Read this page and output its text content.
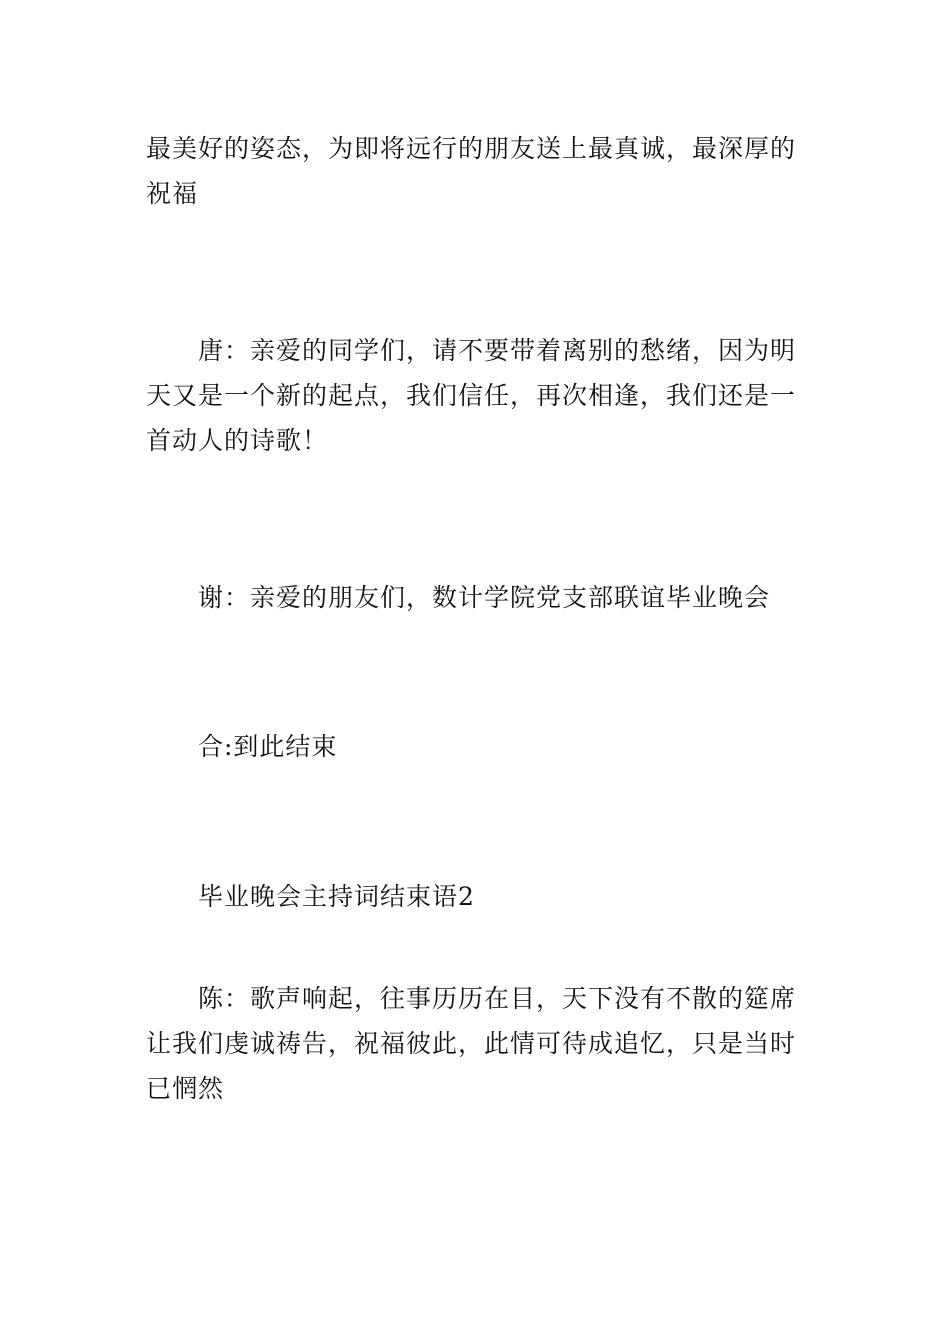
最美好的姿态，为即将远行的朋友送上最真诚，最深厚的祝福

唐：亲爱的同学们，请不要带着离别的愁绪，因为明天又是一个新的起点，我们信任，再次相逢，我们还是一首动人的诗歌！

谢：亲爱的朋友们，数计学院党支部联谊毕业晚会

合:到此结束

毕业晚会主持词结束语2

陈：歌声响起，往事历历在目，天下没有不散的筵席让我们虔诚祷告，祝福彼此，此情可待成追忆，只是当时已惘然
